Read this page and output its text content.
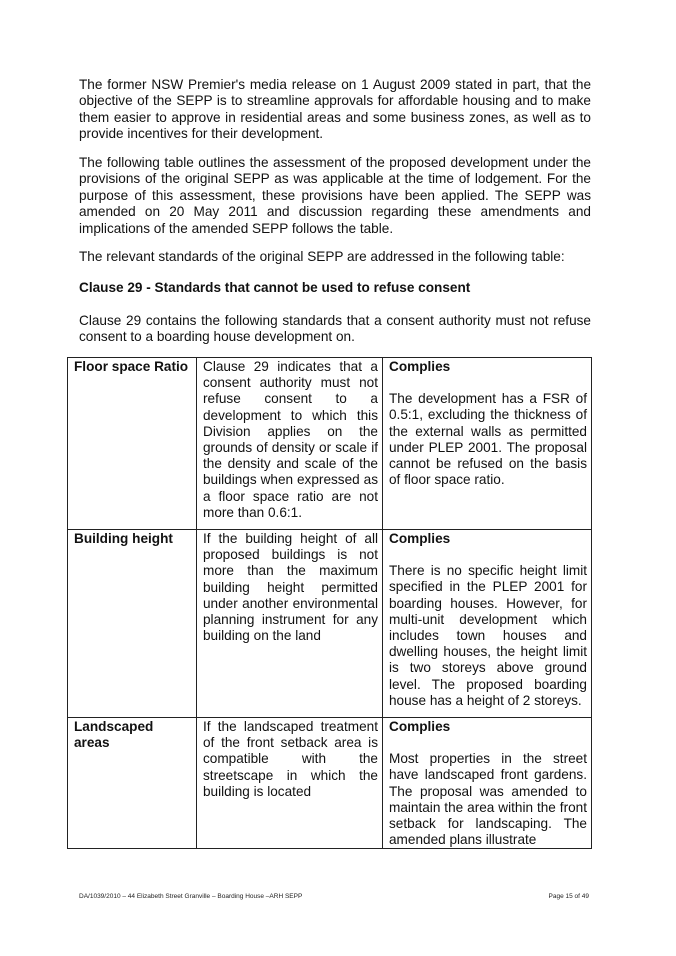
The former NSW Premier's media release on 1 August 2009 stated in part, that the objective of the SEPP is to streamline approvals for affordable housing and to make them easier to approve in residential areas and some business zones, as well as to provide incentives for their development.

The following table outlines the assessment of the proposed development under the provisions of the original SEPP as was applicable at the time of lodgement. For the purpose of this assessment, these provisions have been applied. The SEPP was amended on 20 May 2011 and discussion regarding these amendments and implications of the amended SEPP follows the table.

The relevant standards of the original SEPP are addressed in the following table:

Clause 29 - Standards that cannot be used to refuse consent

Clause 29 contains the following standards that a consent authority must not refuse consent to a boarding house development on.

Floor space Ratio	Clause 29 indicates that a consent authority must not refuse consent to a development to which this Division applies on the grounds of density or scale if the density and scale of the buildings when expressed as a floor space ratio are not more than 0.6:1.	Complies
The development has a FSR of 0.5:1, excluding the thickness of the external walls as permitted under PLEP 2001. The proposal cannot be refused on the basis of floor space ratio.

Building height	If the building height of all proposed buildings is not more than the maximum building height permitted under another environmental planning instrument for any building on the land	Complies
There is no specific height limit specified in the PLEP 2001 for boarding houses. However, for multi-unit development which includes town houses and dwelling houses, the height limit is two storeys above ground level. The proposed boarding house has a height of 2 storeys.

Landscaped areas	If the landscaped treatment of the front setback area is compatible with the streetscape in which the building is located	Complies
Most properties in the street have landscaped front gardens. The proposal was amended to maintain the area within the front setback for landscaping. The amended plans illustrate
DA/1039/2010 – 44 Elizabeth Street Granville – Boarding House –ARH SEPP	Page 15 of 49
